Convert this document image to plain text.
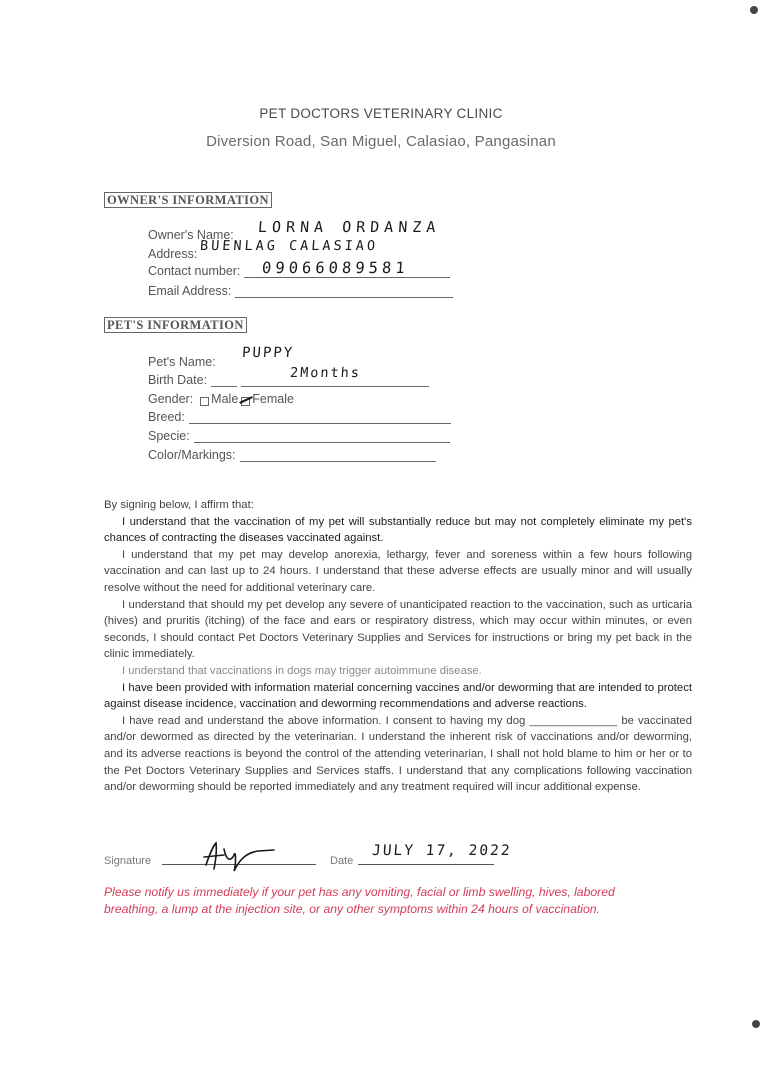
PET DOCTORS VETERINARY CLINIC
Diversion Road, San Miguel, Calasiao, Pangasinan
OWNER'S INFORMATION
Owner's Name: LORNA ORDANZA
Address: BUENLAG CALASIAO
Contact number: 09066089581
Email Address:
PET'S INFORMATION
Pet's Name:
PUPPY
Birth Date:	2Months
Gender: Male Female
Breed:
Specie:
Color/Markings:

By signing below, I affirm that:

I understand that the vaccination of my pet will substantially reduce but may not completely eliminate my pet's chances of contracting the diseases vaccinated against.

I understand that my pet may develop anorexia, lethargy, fever and soreness within a few hours following vaccination and can last up to 24 hours. I understand that these adverse effects are usually minor and will usually resolve without the need for additional veterinary care.

I understand that should my pet develop any severe of unanticipated reaction to the vaccination, such as urticaria (hives) and pruritis (itching) of the face and ears or respiratory distress, which may occur within minutes, or even seconds, I should contact Pet Doctors Veterinary Supplies and Services for instructions or bring my pet back in the clinic immediately.

I understand that vaccinations in dogs may trigger autoimmune disease.

I have been provided with information material concerning vaccines and/or deworming that are intended to protect against disease incidence, vaccination and deworming recommendations and adverse reactions.

I have read and understand the above information. I consent to having my dog ______________ be vaccinated and/or dewormed as directed by the veterinarian. I understand the inherent risk of vaccinations and/or deworming, and its adverse reactions is beyond the control of the attending veterinarian, I shall not hold blame to him or her or to the Pet Doctors Veterinary Supplies and Services staffs. I understand that any complications following vaccination and/or deworming should be reported immediately and any treatment required will incur additional expense.

Signature	Date
JULY 17, 2022
Please notify us immediately if your pet has any vomiting, facial or limb swelling, hives, labored breathing, a lump at the injection site, or any other symptoms within 24 hours of vaccination.
